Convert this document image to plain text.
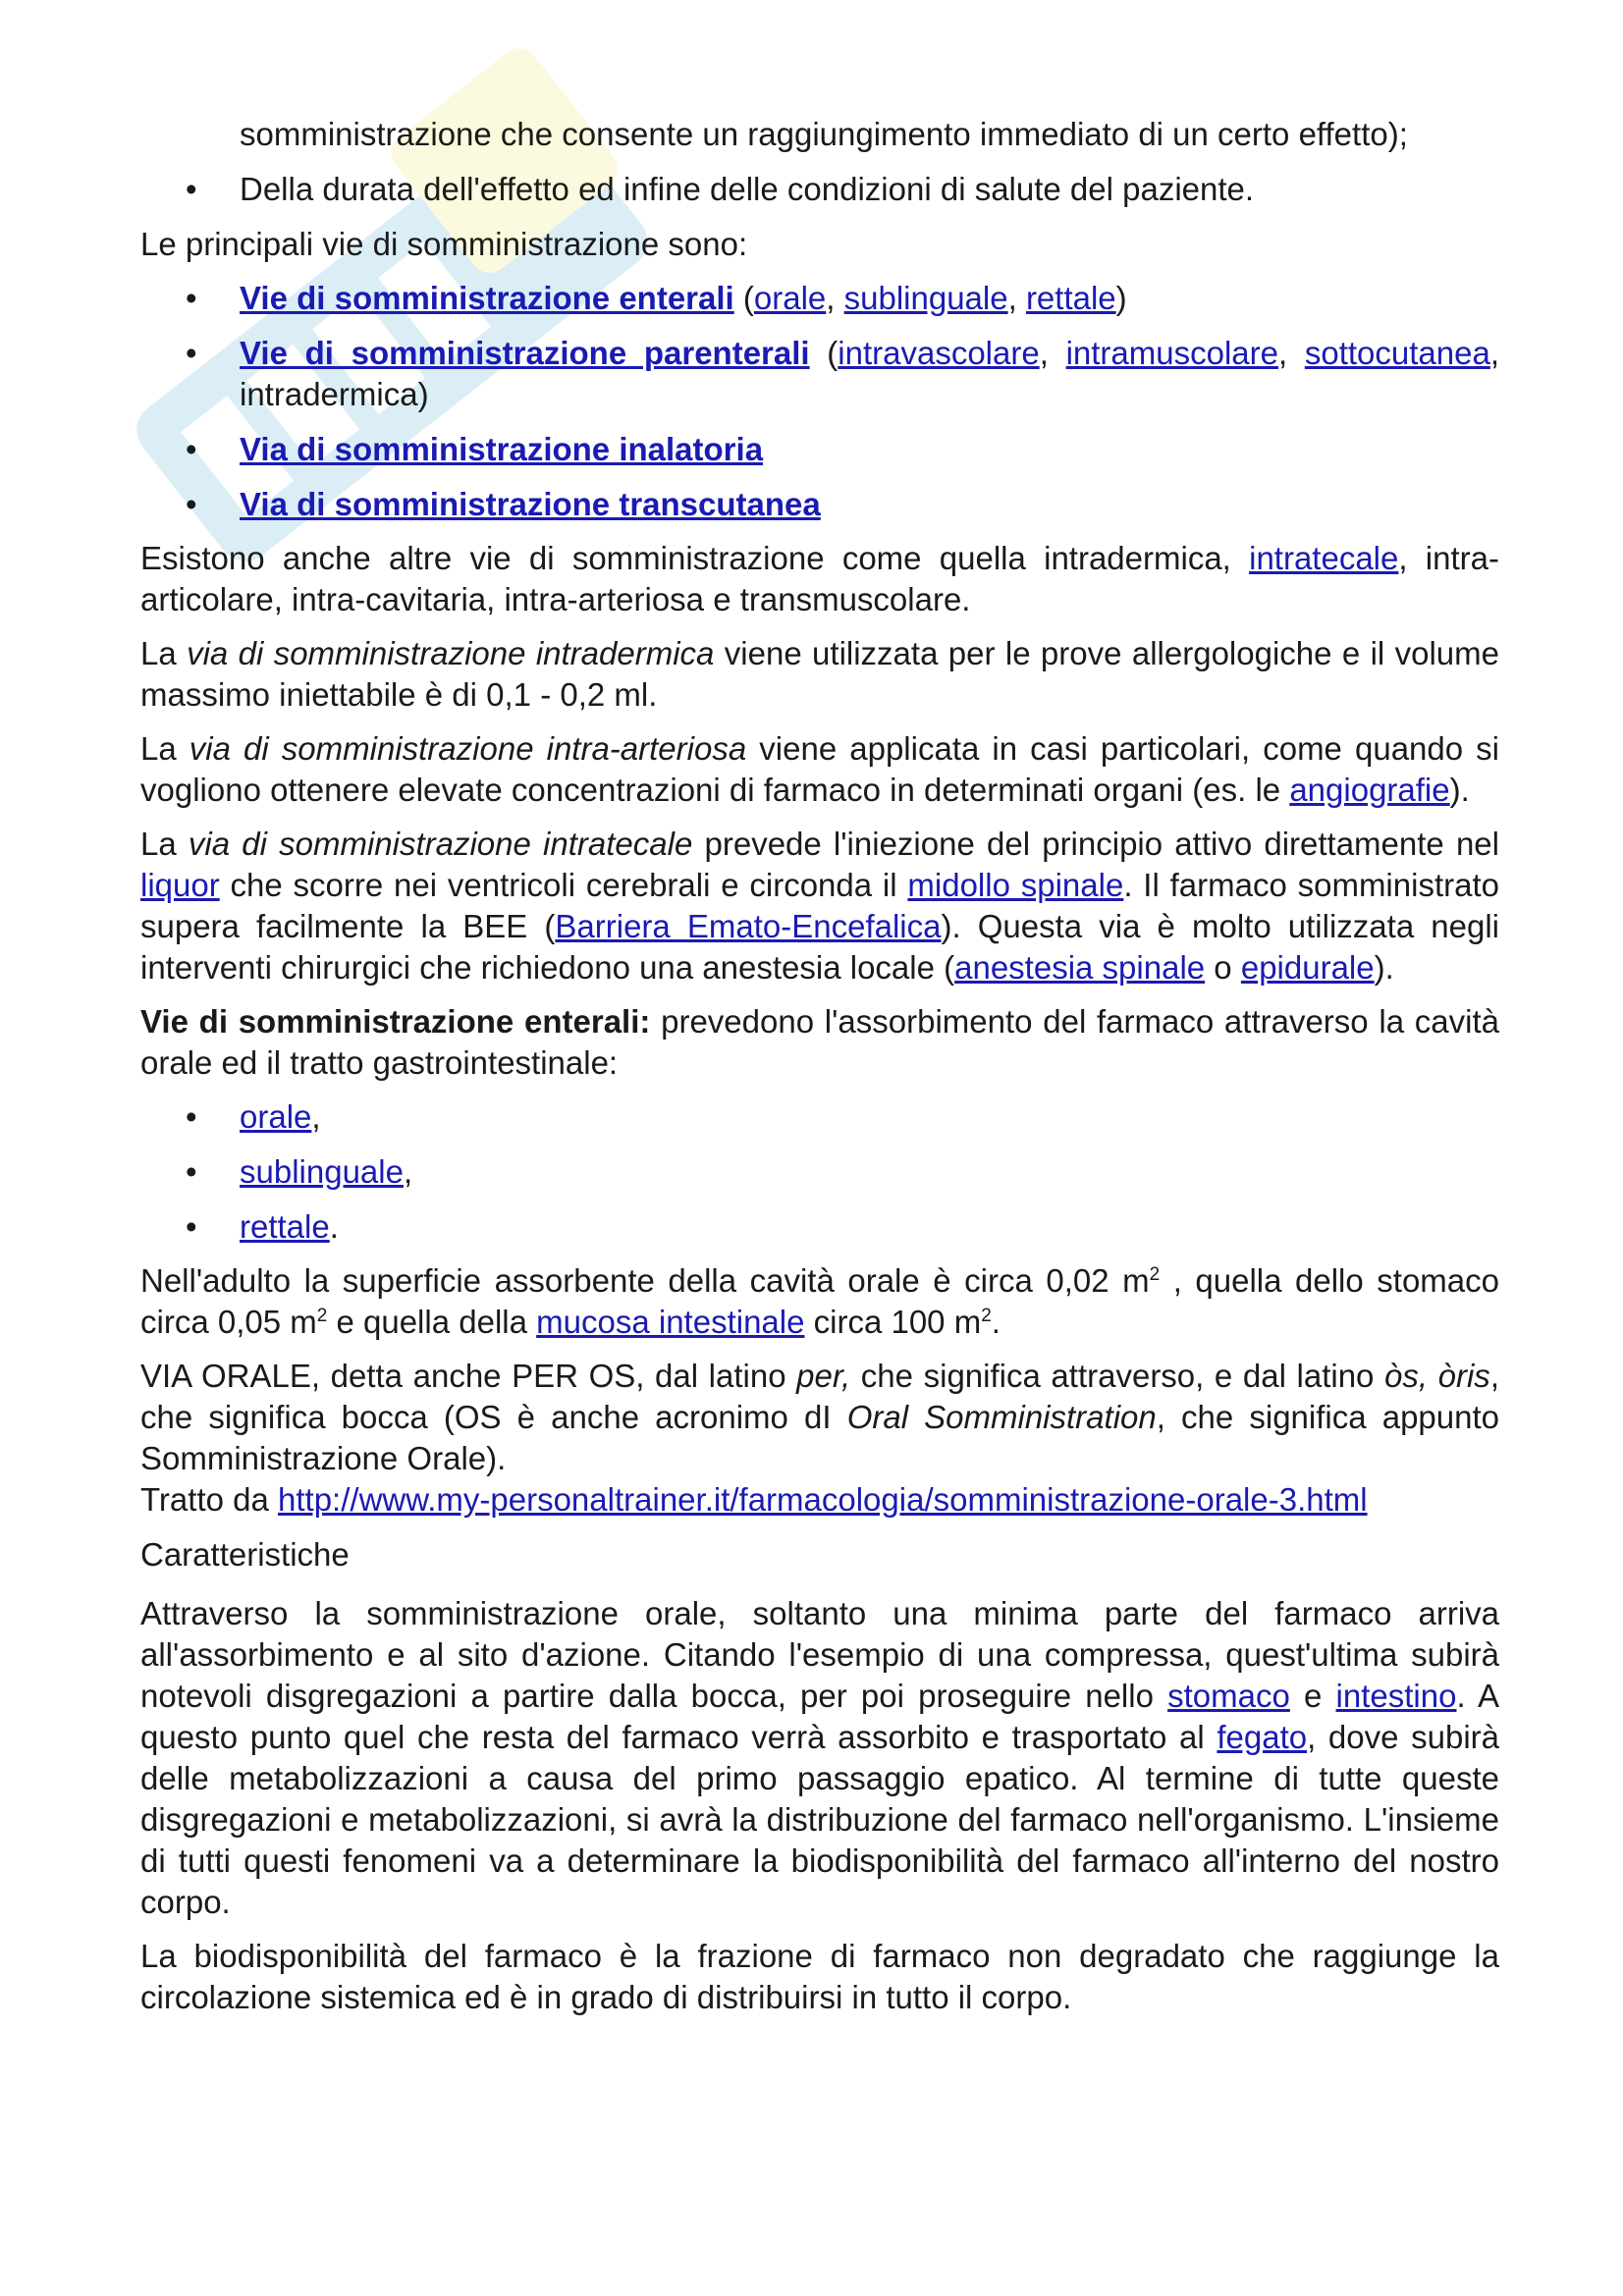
somministrazione che consente un raggiungimento immediato di un certo effetto);
• Della durata dell'effetto ed infine delle condizioni di salute del paziente.

Le principali vie di somministrazione sono:

• Vie di somministrazione enterali (orale, sublinguale, rettale)
• Vie di somministrazione parenterali (intravascolare, intramuscolare, sottocutanea, intradermica)
• Via di somministrazione inalatoria
• Via di somministrazione transcutanea

Esistono anche altre vie di somministrazione come quella intradermica, intratecale, intra-articolare, intra-cavitaria, intra-arteriosa e transmuscolare.

La via di somministrazione intradermica viene utilizzata per le prove allergologiche e il volume massimo iniettabile è di 0,1 - 0,2 ml.

La via di somministrazione intra-arteriosa viene applicata in casi particolari, come quando si vogliono ottenere elevate concentrazioni di farmaco in determinati organi (es. le angiografie).

La via di somministrazione intratecale prevede l'iniezione del principio attivo direttamente nel liquor che scorre nei ventricoli cerebrali e circonda il midollo spinale. Il farmaco somministrato supera facilmente la BEE (Barriera Emato-Encefalica). Questa via è molto utilizzata negli interventi chirurgici che richiedono una anestesia locale (anestesia spinale o epidurale).

Vie di somministrazione enterali: prevedono l'assorbimento del farmaco attraverso la cavità orale ed il tratto gastrointestinale:

• orale,
• sublinguale,
• rettale.

Nell'adulto la superficie assorbente della cavità orale è circa 0,02 $m^2$ , quella dello stomaco circa 0,05 $m^2$ e quella della mucosa intestinale circa 100 $m^2$.

VIA ORALE, detta anche PER OS, dal latino per, che significa attraverso, e dal latino òs, òris, che significa bocca (OS è anche acronimo dI Oral Somministration, che significa appunto Somministrazione Orale).

Tratto da http://www.my-personaltrainer.it/farmacologia/somministrazione-orale-3.html

Caratteristiche

Attraverso la somministrazione orale, soltanto una minima parte del farmaco arriva all'assorbimento e al sito d'azione. Citando l'esempio di una compressa, quest'ultima subirà notevoli disgregazioni a partire dalla bocca, per poi proseguire nello stomaco e intestino. A questo punto quel che resta del farmaco verrà assorbito e trasportato al fegato, dove subirà delle metabolizzazioni a causa del primo passaggio epatico. Al termine di tutte queste disgregazioni e metabolizzazioni, si avrà la distribuzione del farmaco nell'organismo. L'insieme di tutti questi fenomeni va a determinare la biodisponibilità del farmaco all'interno del nostro corpo.

La biodisponibilità del farmaco è la frazione di farmaco non degradato che raggiunge la circolazione sistemica ed è in grado di distribuirsi in tutto il corpo.
